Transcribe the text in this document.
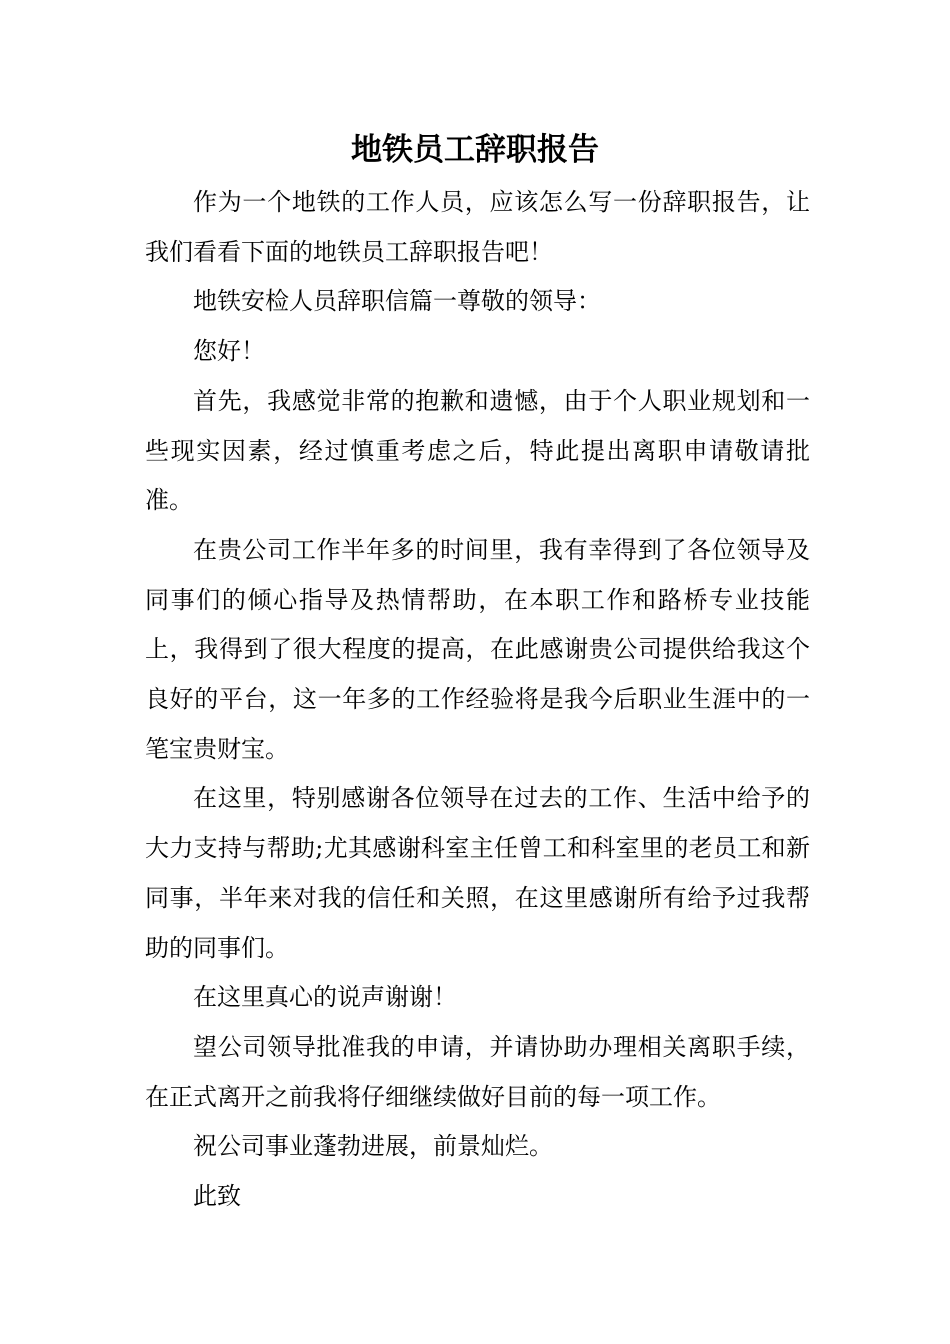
地铁员工辞职报告

作为一个地铁的工作人员，应该怎么写一份辞职报告，让我们看看下面的地铁员工辞职报告吧！

地铁安检人员辞职信篇一尊敬的领导：

您好！

首先，我感觉非常的抱歉和遗憾，由于个人职业规划和一些现实因素，经过慎重考虑之后，特此提出离职申请敬请批准。

在贵公司工作半年多的时间里，我有幸得到了各位领导及同事们的倾心指导及热情帮助，在本职工作和路桥专业技能上，我得到了很大程度的提高，在此感谢贵公司提供给我这个良好的平台，这一年多的工作经验将是我今后职业生涯中的一笔宝贵财宝。

在这里，特别感谢各位领导在过去的工作、生活中给予的大力支持与帮助;尤其感谢科室主任曾工和科室里的老员工和新同事，半年来对我的信任和关照，在这里感谢所有给予过我帮助的同事们。

在这里真心的说声谢谢！

望公司领导批准我的申请，并请协助办理相关离职手续，在正式离开之前我将仔细继续做好目前的每一项工作。

祝公司事业蓬勃进展，前景灿烂。

此致
